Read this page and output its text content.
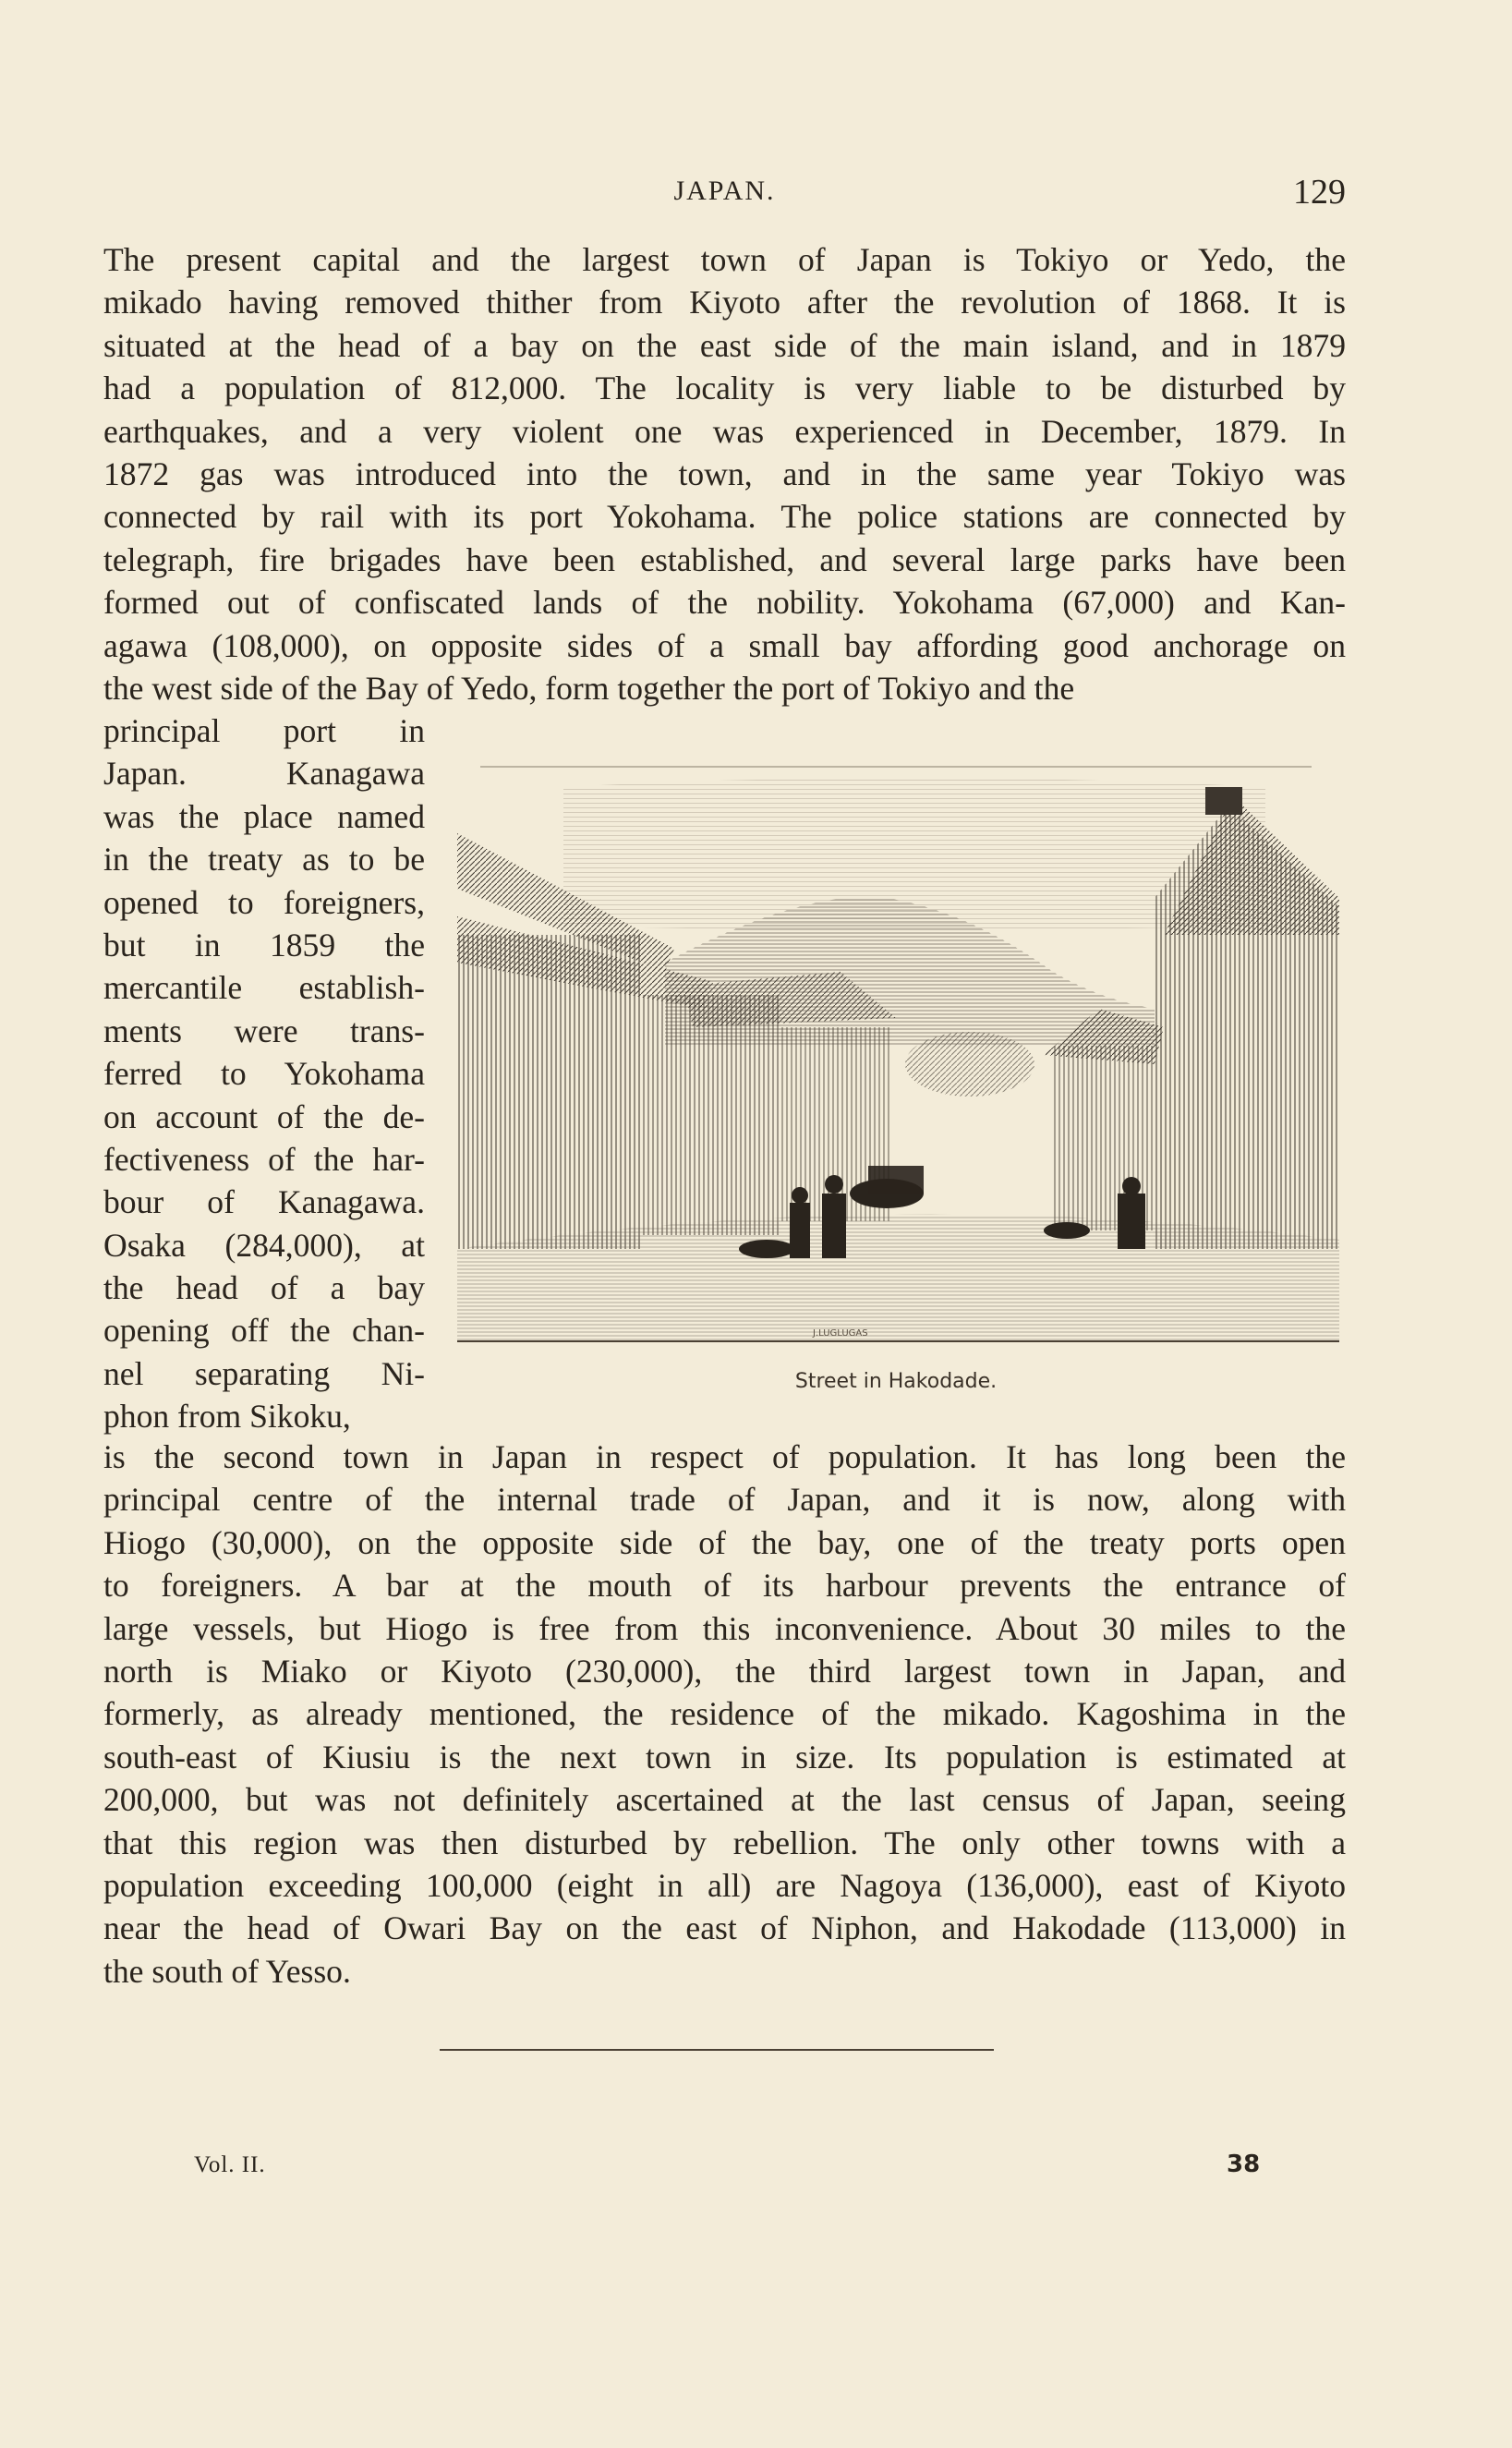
JAPAN.	129

The present capital and the largest town of Japan is Tokiyo or Yedo, the
mikado having removed thither from Kiyoto after the revolution of 1868. It is
situated at the head of a bay on the east side of the main island, and in 1879
had a population of 812,000. The locality is very liable to be disturbed by
earthquakes, and a very violent one was experienced in December, 1879. In
1872 gas was introduced into the town, and in the same year Tokiyo was
connected by rail with its port Yokohama. The police stations are connected by
telegraph, fire brigades have been established, and several large parks have been
formed out of confiscated lands of the nobility. Yokohama (67,000) and Kan-
agawa (108,000), on opposite sides of a small bay affording good anchorage on
the west side of the Bay of Yedo, form together the port of Tokiyo and the

principal port in
Japan. Kanagawa
was the place named
in the treaty as to be
opened to foreigners,
but in 1859 the
mercantile establish-
ments were trans-
ferred to Yokohama
on account of the de-
fectiveness of the har-
bour of Kanagawa.
Osaka (284,000), at
the head of a bay
opening off the chan-
nel separating Ni-
phon from Sikoku,

J.LUGLUGAS
Street in Hakodade.

is the second town in Japan in respect of population. It has long been the
principal centre of the internal trade of Japan, and it is now, along with
Hiogo (30,000), on the opposite side of the bay, one of the treaty ports open
to foreigners. A bar at the mouth of its harbour prevents the entrance of
large vessels, but Hiogo is free from this inconvenience. About 30 miles to the
north is Miako or Kiyoto (230,000), the third largest town in Japan, and
formerly, as already mentioned, the residence of the mikado. Kagoshima in the
south-east of Kiusiu is the next town in size. Its population is estimated at
200,000, but was not definitely ascertained at the last census of Japan, seeing
that this region was then disturbed by rebellion. The only other towns with a
population exceeding 100,000 (eight in all) are Nagoya (136,000), east of Kiyoto
near the head of Owari Bay on the east of Niphon, and Hakodade (113,000) in
the south of Yesso.

Vol. II.	38
